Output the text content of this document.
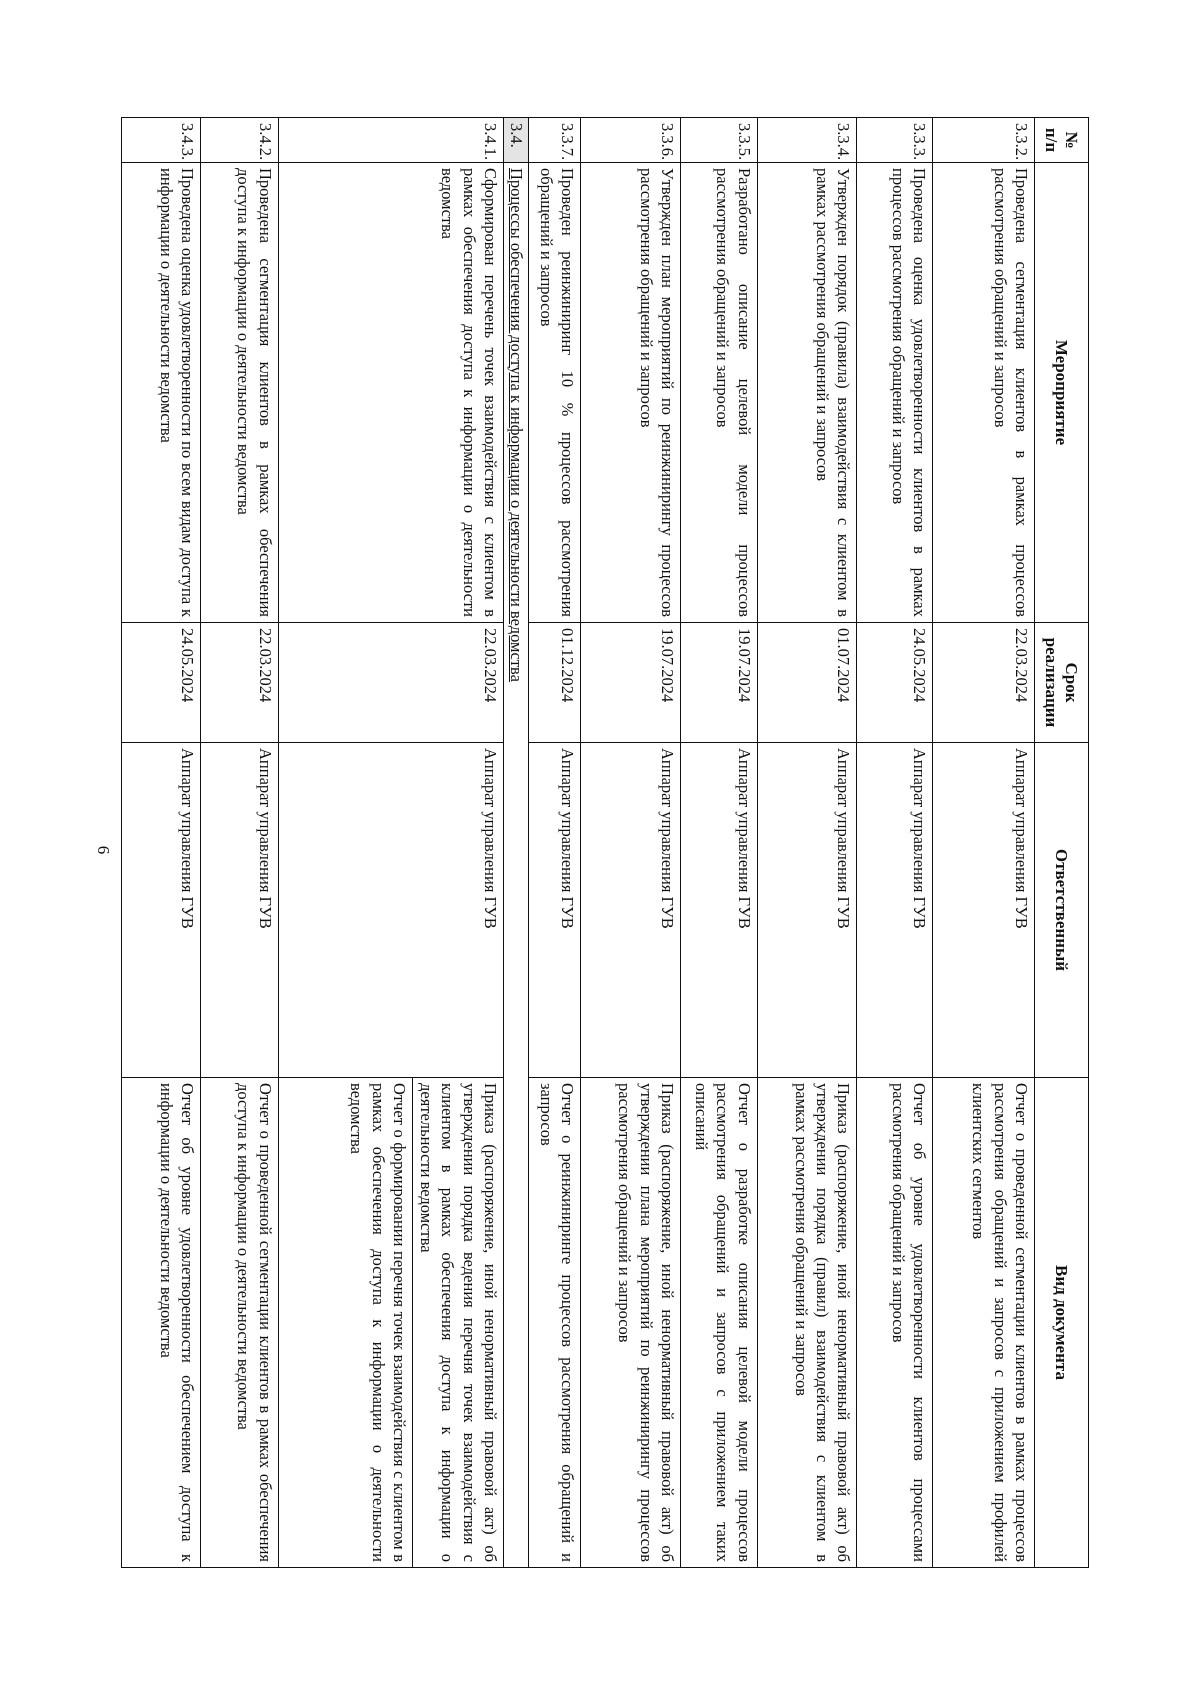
6
№ п/п	Мероприятие	Срок реализации	Ответственный	Вид документа
3.3.2.	Проведена сегментация клиентов в рамках процессов рассмотрения обращений и запросов	22.03.2024	Аппарат управления ГУВ	Отчет о проведенной сегментации клиентов в рамках процессов рассмотрения обращений и запросов с приложением профилей клиентских сегментов
3.3.3.	Проведена оценка удовлетворенности клиентов в рамках процессов рассмотрения обращений и запросов	24.05.2024	Аппарат управления ГУВ	Отчет об уровне удовлетворенности клиентов процессами рассмотрения обращений и запросов
3.3.4.	Утвержден порядок (правила) взаимодействия с клиентом в рамках рассмотрения обращений и запросов	01.07.2024	Аппарат управления ГУВ	Приказ (распоряжение, иной ненормативный правовой акт) об утверждении порядка (правил) взаимодействия с клиентом в рамках рассмотрения обращений и запросов
3.3.5.	Разработано описание целевой модели процессов рассмотрения обращений и запросов	19.07.2024	Аппарат управления ГУВ	Отчет о разработке описания целевой модели процессов рассмотрения обращений и запросов с приложением таких описаний
3.3.6.	Утвержден план мероприятий по реинжинирингу процессов рассмотрения обращений и запросов	19.07.2024	Аппарат управления ГУВ	Приказ (распоряжение, иной ненормативный правовой акт) об утверждении плана мероприятий по реинжинирингу процессов рассмотрения обращений и запросов
3.3.7.	Проведен реинжиниринг 10 % процессов рассмотрения обращений и запросов	01.12.2024	Аппарат управления ГУВ	Отчет о реинжиниринге процессов рассмотрения обращений и запросов
3.4.	Процессы обеспечения доступа к информации о деятельности ведомства			
3.4.1.	Сформирован перечень точек взаимодействия с клиентом в рамках обеспечения доступа к информации о деятельности ведомства	22.03.2024	Аппарат управления ГУВ	Приказ (распоряжение, иной ненормативный правовой акт) об утверждении порядка ведения перечня точек взаимодействия с клиентом в рамках обеспечения доступа к информации о деятельности ведомства
Отчет о формировании перечня точек взаимодействия с клиентом в рамках обеспечения доступа к информации о деятельности ведомства

3.4.2.	Проведена сегментация клиентов в рамках обеспечения доступа к информации о деятельности ведомства	22.03.2024	Аппарат управления ГУВ	Отчет о проведенной сегментации клиентов в рамках обеспечения доступа к информации о деятельности ведомства
3.4.3.	Проведена оценка удовлетворенности по всем видам доступа к информации о деятельности ведомства	24.05.2024	Аппарат управления ГУВ	Отчет об уровне удовлетворенности обеспечением доступа к информации о деятельности ведомства
